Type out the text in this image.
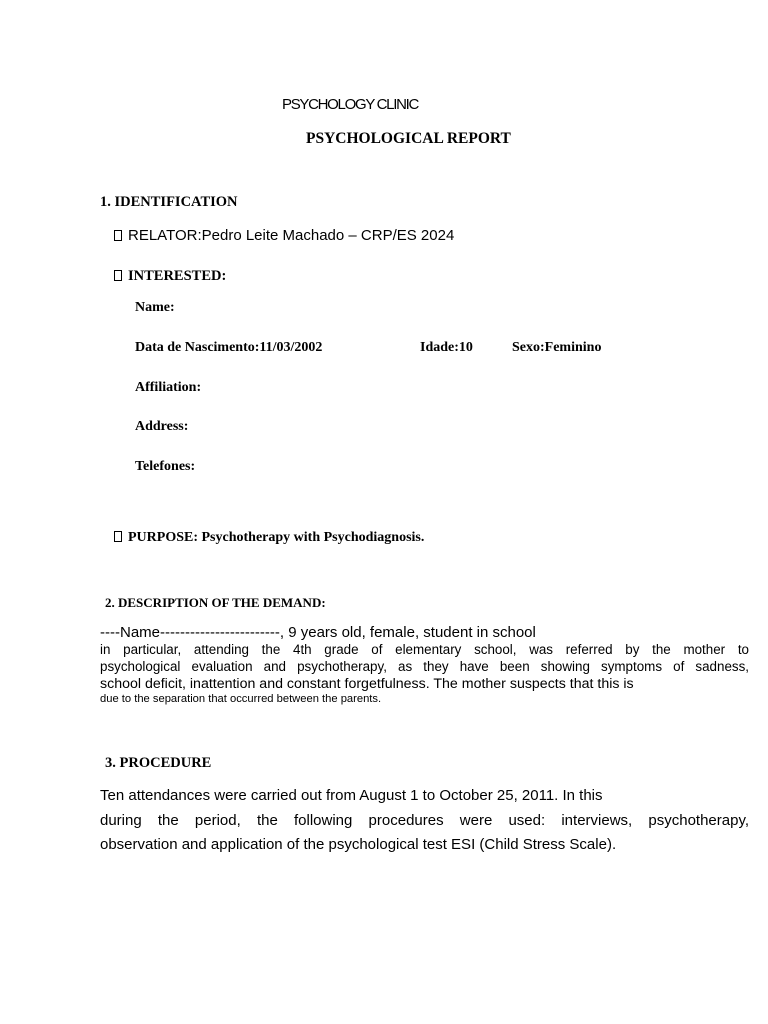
PSYCHOLOGY CLINIC
PSYCHOLOGICAL REPORT
1. IDENTIFICATION
RELATOR:Pedro Leite Machado – CRP/ES 2024
INTERESTED:
Name:
Data de Nascimento:11/03/2002	Idade:10	Sexo:Feminino
Affiliation:
Address:
Telefones:
PURPOSE: Psychotherapy with Psychodiagnosis.
2. DESCRIPTION OF THE DEMAND:
----Name------------------------, 9 years old, female, student in school
in particular, attending the 4th grade of elementary school, was referred by the mother to
psychological evaluation and psychotherapy, as they have been showing symptoms of sadness,
school deficit, inattention and constant forgetfulness. The mother suspects that this is
due to the separation that occurred between the parents.
3. PROCEDURE
Ten attendances were carried out from August 1 to October 25, 2011. In this
during the period, the following procedures were used: interviews, psychotherapy,
observation and application of the psychological test ESI (Child Stress Scale).
